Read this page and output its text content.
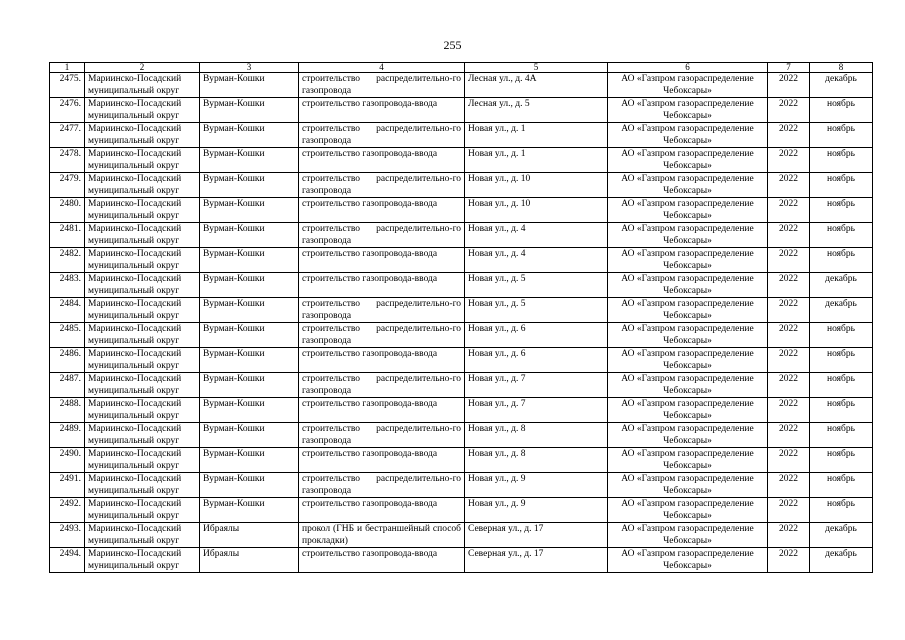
255
1	2	3	4	5	6	7	8
2475.	Мариинско-Посадский муниципальный округ	Вурман-Кошки	строительство распределительно-го газопровода	Лесная ул., д. 4А	АО «Газпром газораспределение Чебоксары»	2022	декабрь
2476.	Мариинско-Посадский муниципальный округ	Вурман-Кошки	строительство газопровода-ввода	Лесная ул., д. 5	АО «Газпром газораспределение Чебоксары»	2022	ноябрь
2477.	Мариинско-Посадский муниципальный округ	Вурман-Кошки	строительство распределительно-го газопровода	Новая ул., д. 1	АО «Газпром газораспределение Чебоксары»	2022	ноябрь
2478.	Мариинско-Посадский муниципальный округ	Вурман-Кошки	строительство газопровода-ввода	Новая ул., д. 1	АО «Газпром газораспределение Чебоксары»	2022	ноябрь
2479.	Мариинско-Посадский муниципальный округ	Вурман-Кошки	строительство распределительно-го газопровода	Новая ул., д. 10	АО «Газпром газораспределение Чебоксары»	2022	ноябрь
2480.	Мариинско-Посадский муниципальный округ	Вурман-Кошки	строительство газопровода-ввода	Новая ул., д. 10	АО «Газпром газораспределение Чебоксары»	2022	ноябрь
2481.	Мариинско-Посадский муниципальный округ	Вурман-Кошки	строительство распределительно-го газопровода	Новая ул., д. 4	АО «Газпром газораспределение Чебоксары»	2022	ноябрь
2482.	Мариинско-Посадский муниципальный округ	Вурман-Кошки	строительство газопровода-ввода	Новая ул., д. 4	АО «Газпром газораспределение Чебоксары»	2022	ноябрь
2483.	Мариинско-Посадский муниципальный округ	Вурман-Кошки	строительство газопровода-ввода	Новая ул., д. 5	АО «Газпром газораспределение Чебоксары»	2022	декабрь
2484.	Мариинско-Посадский муниципальный округ	Вурман-Кошки	строительство распределительно-го газопровода	Новая ул., д. 5	АО «Газпром газораспределение Чебоксары»	2022	декабрь
2485.	Мариинско-Посадский муниципальный округ	Вурман-Кошки	строительство распределительно-го газопровода	Новая ул., д. 6	АО «Газпром газораспределение Чебоксары»	2022	ноябрь
2486.	Мариинско-Посадский муниципальный округ	Вурман-Кошки	строительство газопровода-ввода	Новая ул., д. 6	АО «Газпром газораспределение Чебоксары»	2022	ноябрь
2487.	Мариинско-Посадский муниципальный округ	Вурман-Кошки	строительство распределительно-го газопровода	Новая ул., д. 7	АО «Газпром газораспределение Чебоксары»	2022	ноябрь
2488.	Мариинско-Посадский муниципальный округ	Вурман-Кошки	строительство газопровода-ввода	Новая ул., д. 7	АО «Газпром газораспределение Чебоксары»	2022	ноябрь
2489.	Мариинско-Посадский муниципальный округ	Вурман-Кошки	строительство распределительно-го газопровода	Новая ул., д. 8	АО «Газпром газораспределение Чебоксары»	2022	ноябрь
2490.	Мариинско-Посадский муниципальный округ	Вурман-Кошки	строительство газопровода-ввода	Новая ул., д. 8	АО «Газпром газораспределение Чебоксары»	2022	ноябрь
2491.	Мариинско-Посадский муниципальный округ	Вурман-Кошки	строительство распределительно-го газопровода	Новая ул., д. 9	АО «Газпром газораспределение Чебоксары»	2022	ноябрь
2492.	Мариинско-Посадский муниципальный округ	Вурман-Кошки	строительство газопровода-ввода	Новая ул., д. 9	АО «Газпром газораспределение Чебоксары»	2022	ноябрь
2493.	Мариинско-Посадский муниципальный округ	Ибраялы	прокол (ГНБ и бестраншейный способ прокладки)	Северная ул., д. 17	АО «Газпром газораспределение Чебоксары»	2022	декабрь
2494.	Мариинско-Посадский муниципальный округ	Ибраялы	строительство газопровода-ввода	Северная ул., д. 17	АО «Газпром газораспределение Чебоксары»	2022	декабрь
